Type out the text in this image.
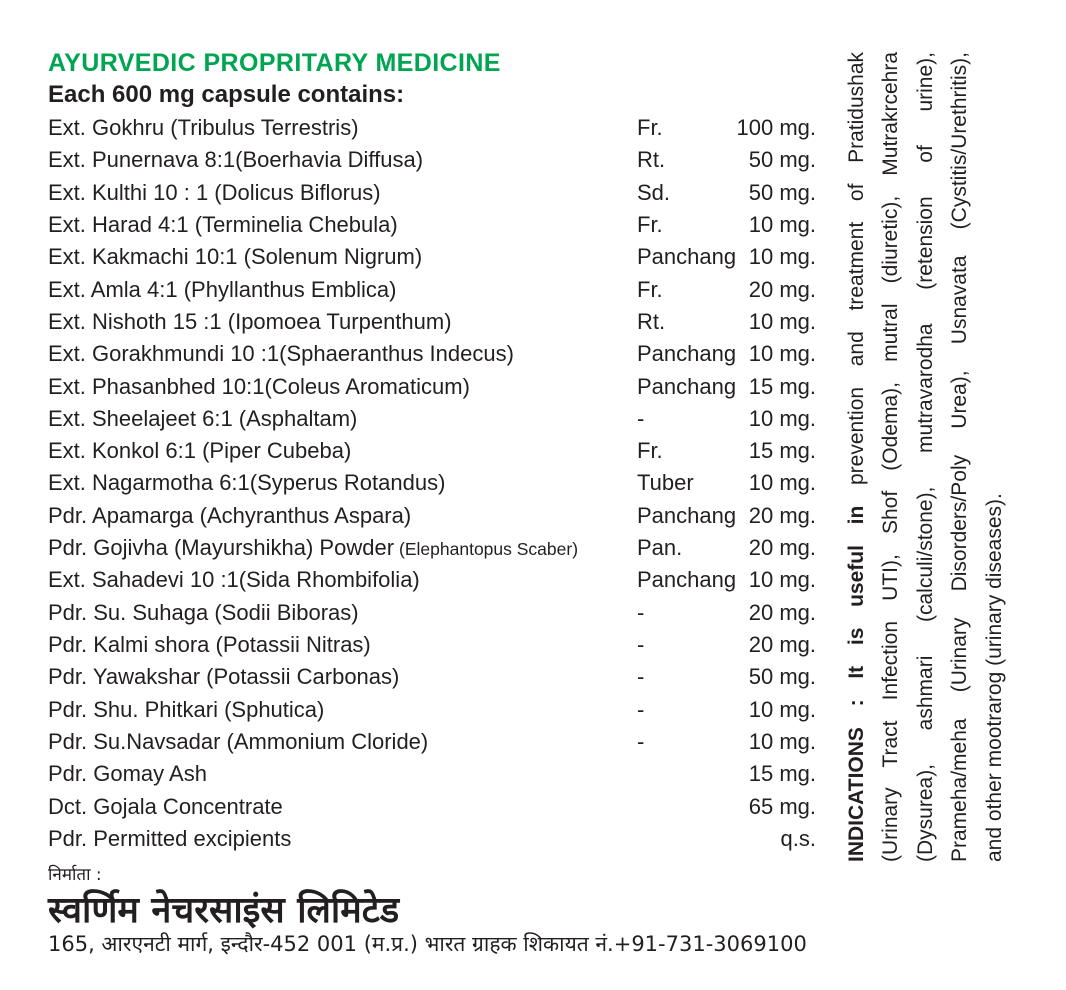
AYURVEDIC PROPRITARY MEDICINE
Each 600 mg capsule contains:
Ext. Gokhru (Tribulus Terrestris)	Fr.	100 mg.
Ext. Punernava 8:1(Boerhavia Diffusa)	Rt.	50 mg.
Ext. Kulthi 10 : 1 (Dolicus Biflorus)	Sd.	50 mg.
Ext. Harad 4:1 (Terminelia Chebula)	Fr.	10 mg.
Ext. Kakmachi 10:1 (Solenum Nigrum)	Panchang 10 mg.
Ext. Amla 4:1 (Phyllanthus Emblica)	Fr.	20 mg.
Ext. Nishoth 15 :1 (Ipomoea Turpenthum)	Rt.	10 mg.
Ext. Gorakhmundi 10 :1(Sphaeranthus Indecus)	Panchang 10 mg.
Ext. Phasanbhed 10:1(Coleus Aromaticum)	Panchang 15 mg.
Ext. Sheelajeet 6:1 (Asphaltam)	-	10 mg.
Ext. Konkol 6:1 (Piper Cubeba)	Fr.	15 mg.
Ext. Nagarmotha 6:1(Syperus Rotandus)	Tuber	10 mg.
Pdr. Apamarga (Achyranthus Aspara)	Panchang 20 mg.
Pdr. Gojivha (Mayurshikha) Powder (Elephantopus Scaber)	Pan.	20 mg.
Ext. Sahadevi 10 :1(Sida Rhombifolia)	Panchang 10 mg.
Pdr. Su. Suhaga (Sodii Biboras)	-	20 mg.
Pdr. Kalmi shora (Potassii Nitras)	-	20 mg.
Pdr. Yawakshar (Potassii Carbonas)	-	50 mg.
Pdr. Shu. Phitkari (Sphutica)	-	10 mg.
Pdr. Su.Navsadar (Ammonium Cloride)	-	10 mg.
Pdr. Gomay Ash	15 mg.
Dct. Gojala Concentrate	65 mg.
Pdr. Permitted excipients	q.s. INDICATIONS : It is useful in prevention and treatment of Pratidushak (Urinary Tract Infection UTI), Shof (Odema), mutral (diuretic), Mutrakrcehra (Dysurea), ashmari (calculi/stone), mutravarodha (retension of urine), Prameha/meha (Urinary Disorders/Poly Urea), Usnavata (Cystitis/Urethritis), and other mootrarog (urinary diseases).
निर्माता :
स्वर्णिम नेचरसाइंस लिमिटेड
165, आरएनटी मार्ग, इन्दौर-452 001 (म.प्र.) भारत ग्राहक शिकायत नं.+91-731-3069100
